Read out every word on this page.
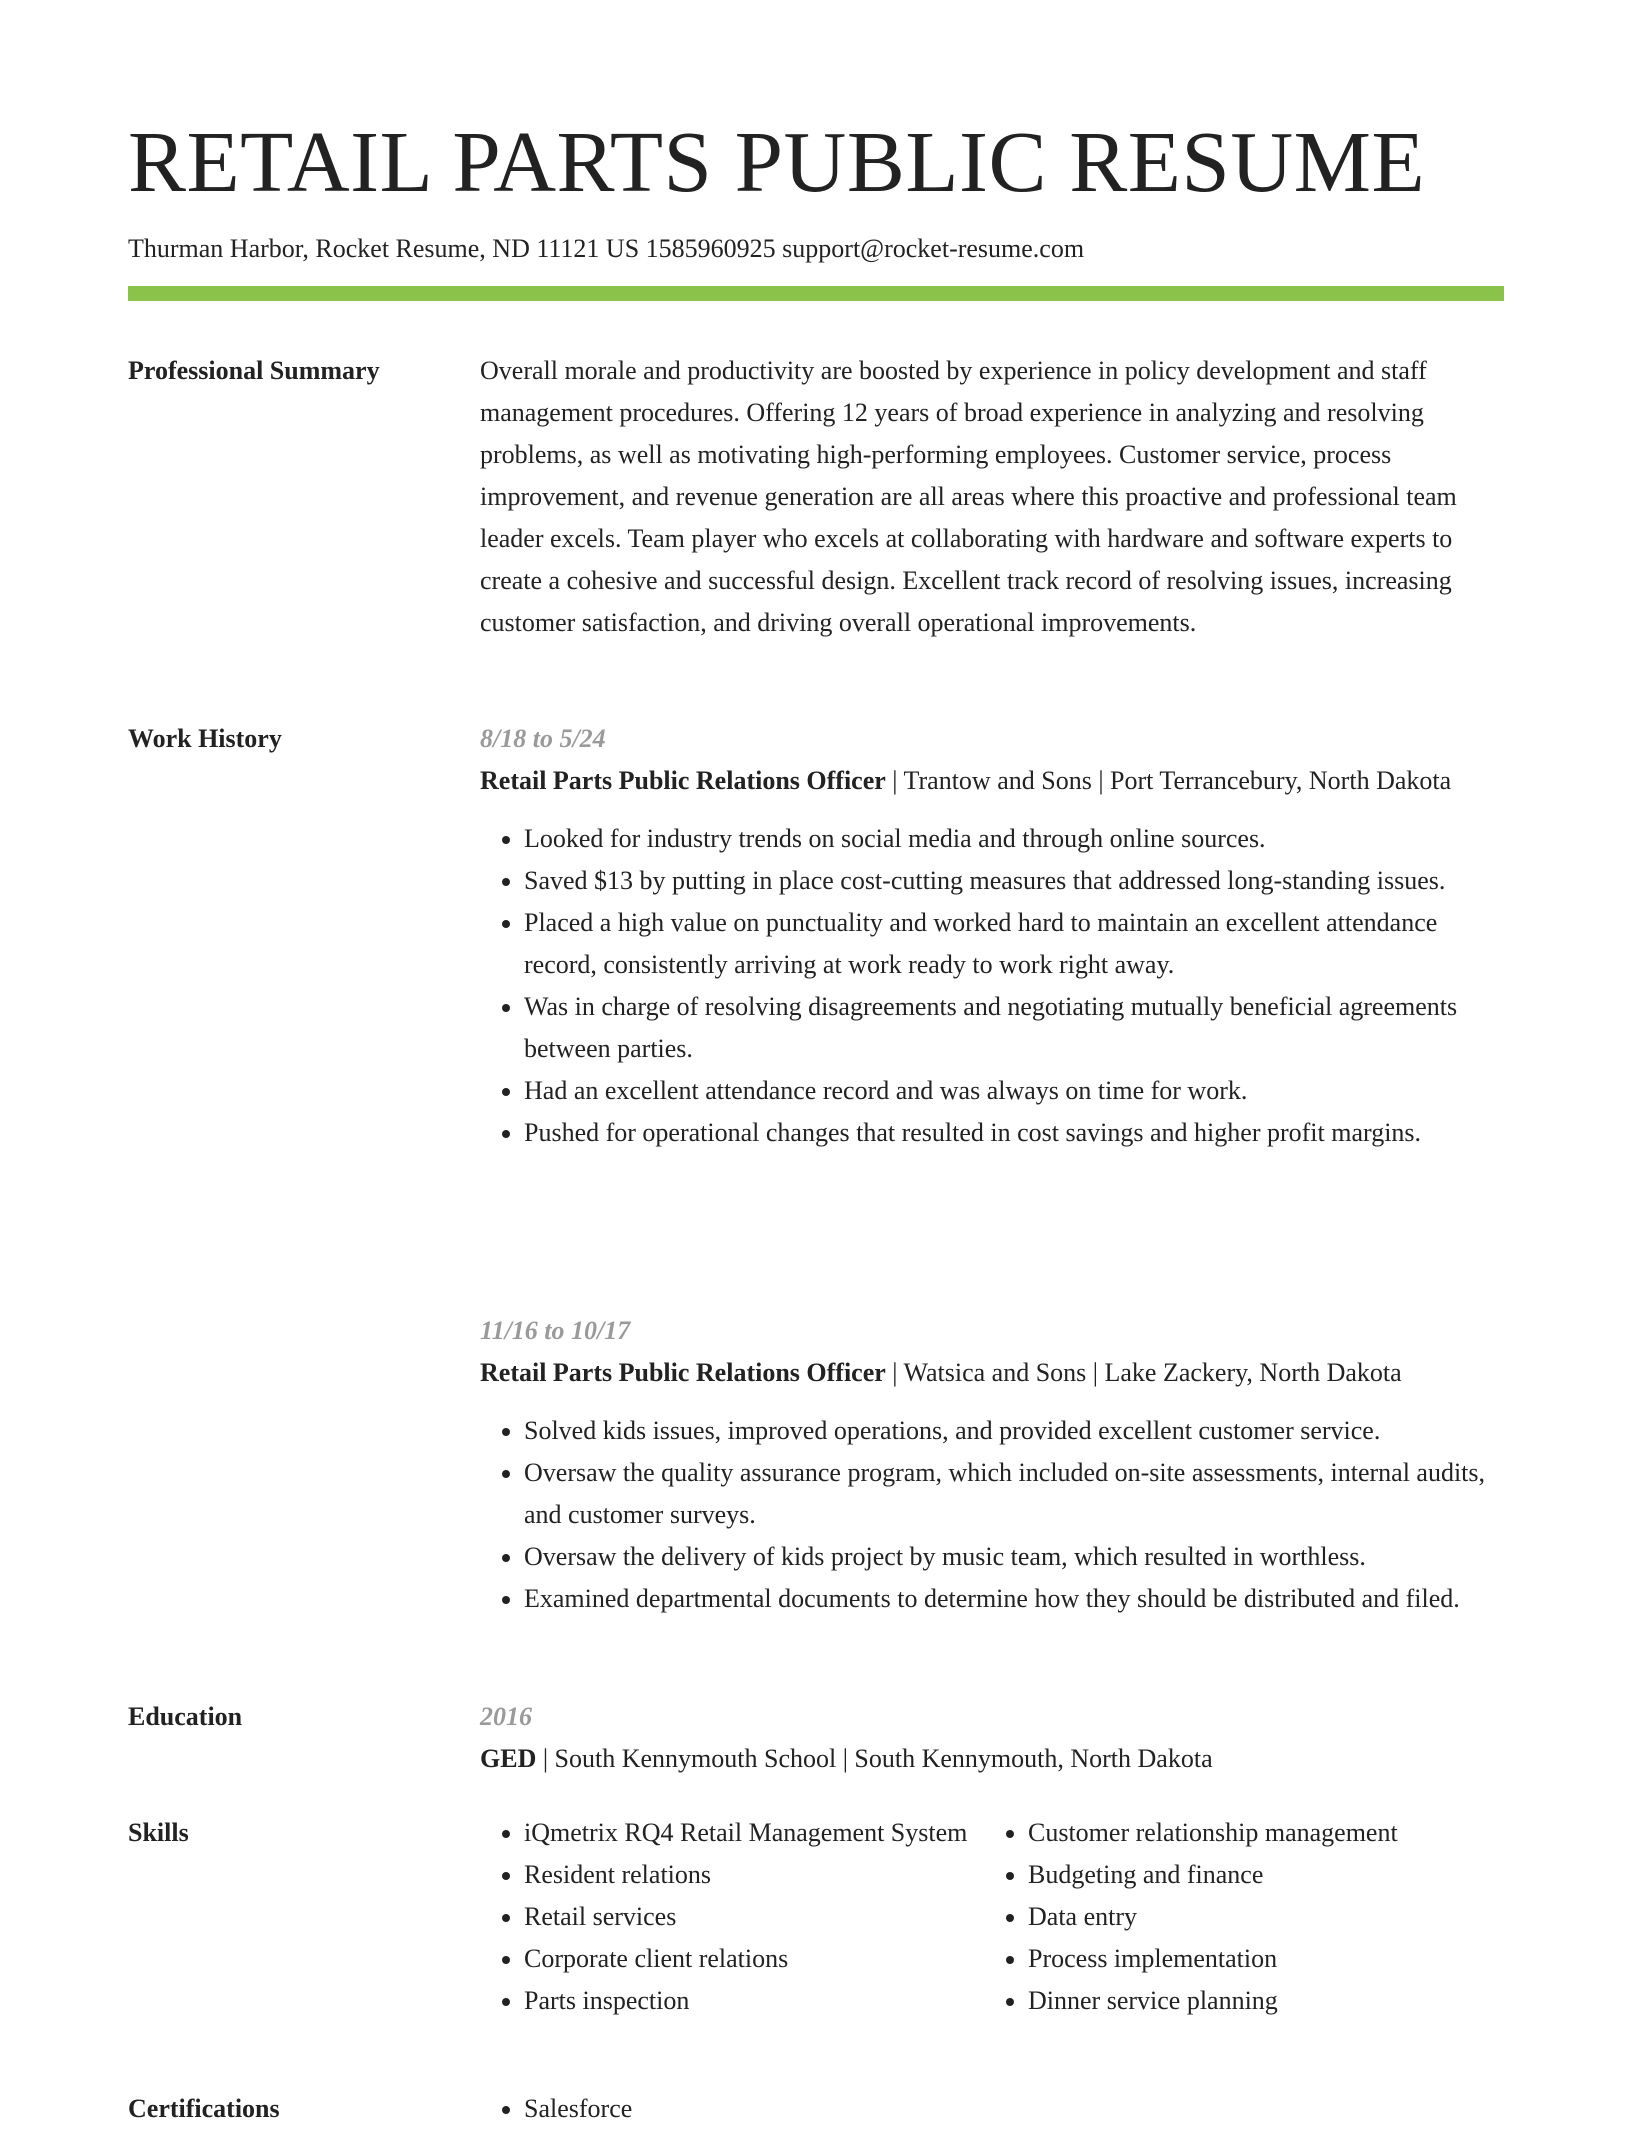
RETAIL PARTS PUBLIC RESUME
Thurman Harbor, Rocket Resume, ND 11121 US 1585960925 support@rocket-resume.com
Professional Summary	Overall morale and productivity are boosted by experience in policy development and staff management procedures. Offering 12 years of broad experience in analyzing and resolving problems, as well as motivating high-performing employees. Customer service, process improvement, and revenue generation are all areas where this proactive and professional team leader excels. Team player who excels at collaborating with hardware and software experts to create a cohesive and successful design. Excellent track record of resolving issues, increasing customer satisfaction, and driving overall operational improvements.
Work History	8/18 to 5/24

Retail Parts Public Relations Officer | Trantow and Sons | Port Terrancebury, North Dakota

• Looked for industry trends on social media and through online sources.
• Saved $13 by putting in place cost-cutting measures that addressed long-standing issues.
• Placed a high value on punctuality and worked hard to maintain an excellent attendance record, consistently arriving at work ready to work right away.
• Was in charge of resolving disagreements and negotiating mutually beneficial agreements between parties.
• Had an excellent attendance record and was always on time for work.
• Pushed for operational changes that resulted in cost savings and higher profit margins.
11/16 to 10/17

Retail Parts Public Relations Officer | Watsica and Sons | Lake Zackery, North Dakota

• Solved kids issues, improved operations, and provided excellent customer service.
• Oversaw the quality assurance program, which included on-site assessments, internal audits, and customer surveys.
• Oversaw the delivery of kids project by music team, which resulted in worthless.
• Examined departmental documents to determine how they should be distributed and filed.
Education	2016

GED | South Kennymouth School | South Kennymouth, North Dakota

Skills	• iQmetrix RQ4 Retail Management System
• Resident relations
• Retail services
• Corporate client relations
• Parts inspection
• Customer relationship management
• Budgeting and finance
• Data entry
• Process implementation
• Dinner service planning
Certifications	• Salesforce
